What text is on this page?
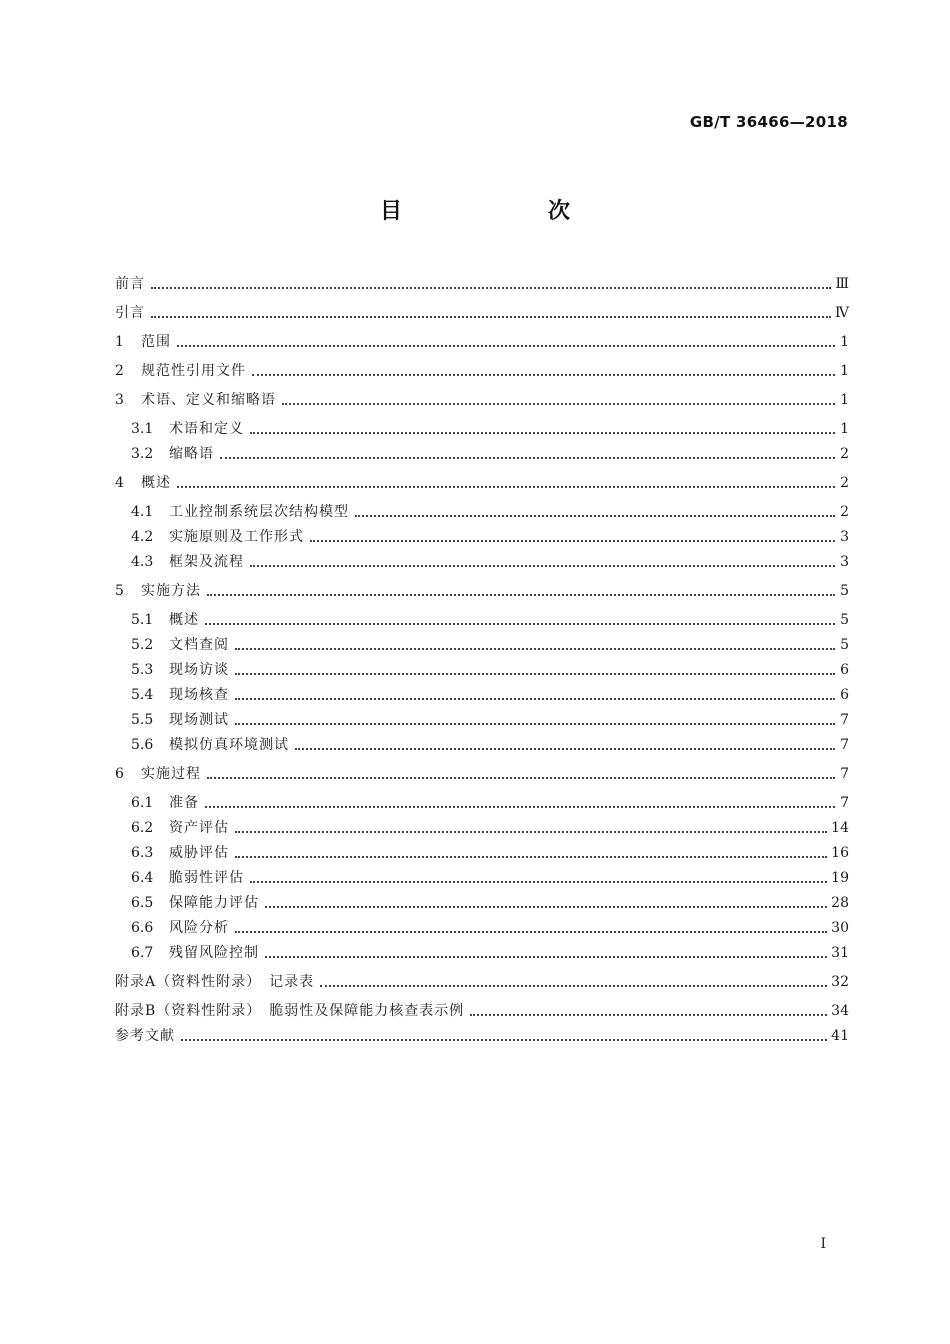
GB/T 36466—2018
目　次
前言	Ⅲ
引言	Ⅳ
1 范围	1
2 规范性引用文件	1
3 术语、定义和缩略语	1
3.1 术语和定义	1
3.2 缩略语	2
4 概述	2
4.1 工业控制系统层次结构模型	2
4.2 实施原则及工作形式	3
4.3 框架及流程	3
5 实施方法	5
5.1 概述	5
5.2 文档查阅	5
5.3 现场访谈	6
5.4 现场核查	6
5.5 现场测试	7
5.6 模拟仿真环境测试	7
6 实施过程	7
6.1 准备	7
6.2 资产评估	14
6.3 威胁评估	16
6.4 脆弱性评估	19
6.5 保障能力评估	28
6.6 风险分析	30
6.7 残留风险控制	31
附录A（资料性附录）　记录表	32
附录B（资料性附录）　脆弱性及保障能力核查表示例	34
参考文献	41
Ⅰ
